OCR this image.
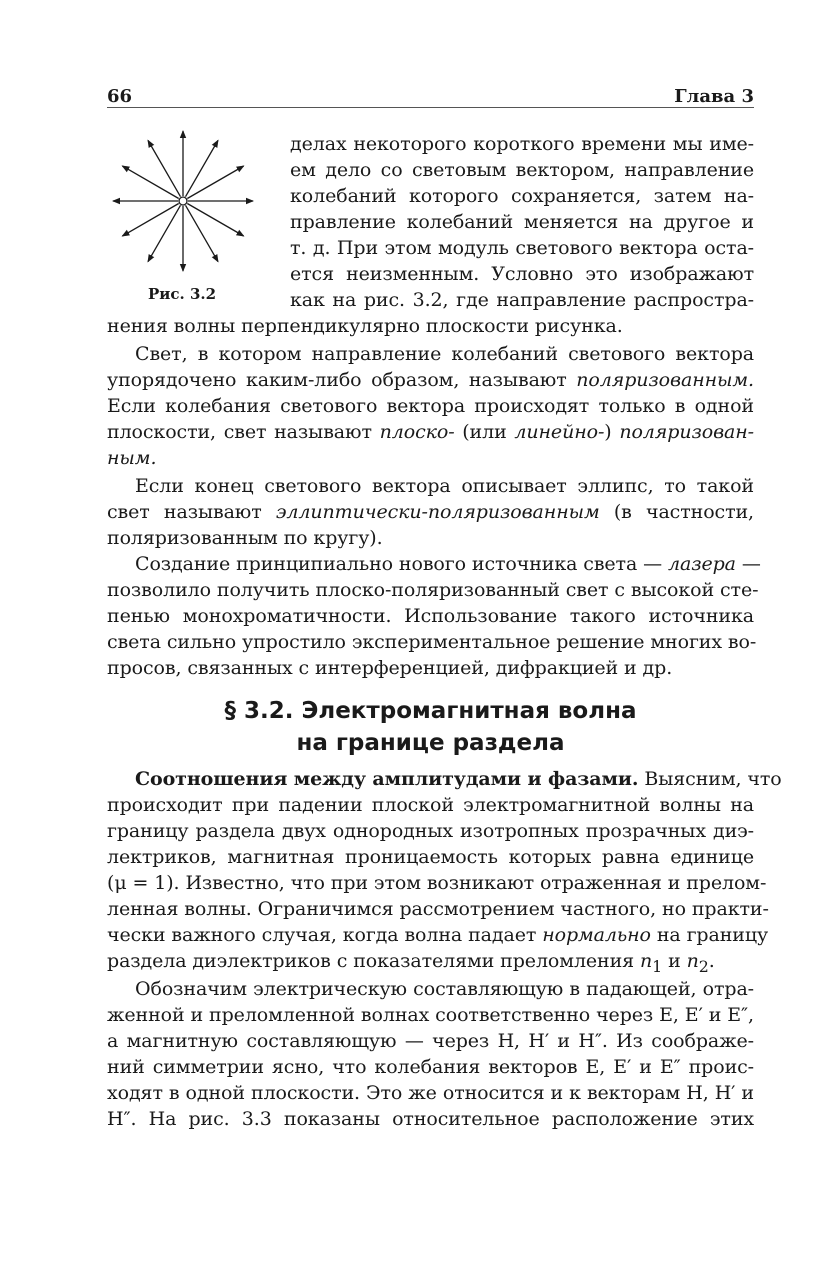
66	Глава 3
Рис. 3.2
делах некоторого короткого времени мы име-
ем дело со световым вектором, направление
колебаний которого сохраняется, затем на-
правление колебаний меняется на другое и
т. д. При этом модуль светового вектора оста-
ется неизменным. Условно это изображают
как на рис. 3.2, где направление распростра-
нения волны перпендикулярно плоскости рисунка.
Свет, в котором направление колебаний светового вектора
упорядочено каким-либо образом, называют поляризованным.
Если колебания светового вектора происходят только в одной
плоскости, свет называют плоско- (или линейно-) поляризован-
ным.
Если конец светового вектора описывает эллипс, то такой
свет называют эллиптически-поляризованным (в частности,
поляризованным по кругу).
Создание принципиально нового источника света — лазера —
позволило получить плоско-поляризованный свет с высокой сте-
пенью монохроматичности. Использование такого источника
света сильно упростило экспериментальное решение многих во-
просов, связанных с интерференцией, дифракцией и др.
§ 3.2. Электромагнитная волна
на границе раздела
Соотношения между амплитудами и фазами. Выясним, что
происходит при падении плоской электромагнитной волны на
границу раздела двух однородных изотропных прозрачных диэ-
лектриков, магнитная проницаемость которых равна единице
(μ = 1). Известно, что при этом возникают отраженная и прелом-
ленная волны. Ограничимся рассмотрением частного, но практи-
чески важного случая, когда волна падает нормально на границу
раздела диэлектриков с показателями преломления $n_1$ и $n_2$.
Обозначим электрическую составляющую в падающей, отра-
женной и преломленной волнах соответственно через E, E′ и E″,
а магнитную составляющую — через H, H′ и H″. Из соображе-
ний симметрии ясно, что колебания векторов E, E′ и E″ проис-
ходят в одной плоскости. Это же относится и к векторам H, H′ и
H″. На рис. 3.3 показаны относительное расположение этих
